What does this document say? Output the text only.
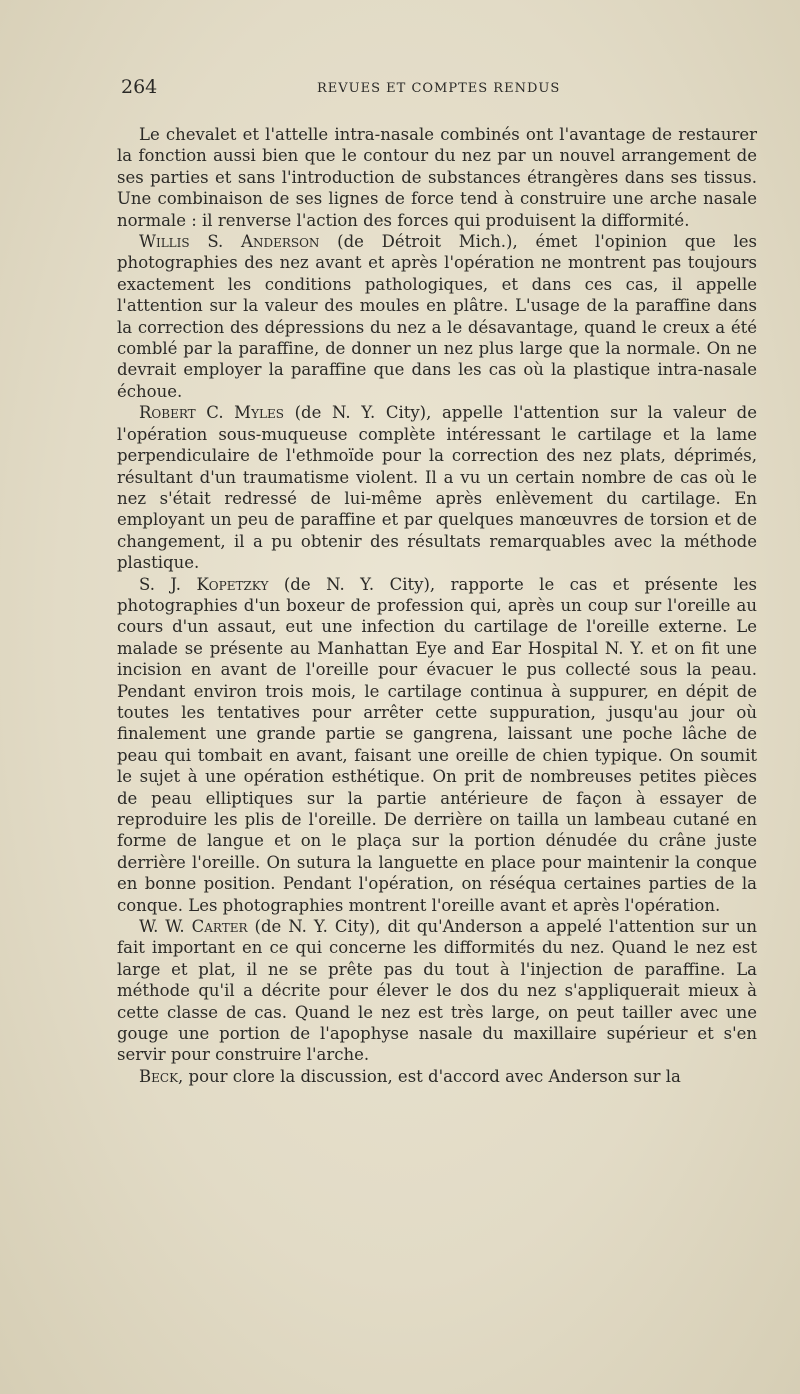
264	REVUES ET COMPTES RENDUS

Le chevalet et l'attelle intra-nasale combinés ont l'avantage de restaurer la fonction aussi bien que le contour du nez par un nouvel arrangement de ses parties et sans l'introduction de substances étrangères dans ses tissus. Une combinaison de ses lignes de force tend à construire une arche nasale normale : il renverse l'action des forces qui produisent la difformité.

Willis S. Anderson (de Détroit Mich.), émet l'opinion que les photographies des nez avant et après l'opération ne montrent pas toujours exactement les conditions pathologiques, et dans ces cas, il appelle l'attention sur la valeur des moules en plâtre. L'usage de la paraffine dans la correction des dépressions du nez a le désavantage, quand le creux a été comblé par la paraffine, de donner un nez plus large que la normale. On ne devrait employer la paraffine que dans les cas où la plastique intra-nasale échoue.

Robert C. Myles (de N. Y. City), appelle l'attention sur la valeur de l'opération sous-muqueuse complète intéressant le cartilage et la lame perpendiculaire de l'ethmoïde pour la correction des nez plats, déprimés, résultant d'un traumatisme violent. Il a vu un certain nombre de cas où le nez s'était redressé de lui-même après enlèvement du cartilage. En employant un peu de paraffine et par quelques manœuvres de torsion et de changement, il a pu obtenir des résultats remarquables avec la méthode plastique.

S. J. Kopetzky (de N. Y. City), rapporte le cas et présente les photographies d'un boxeur de profession qui, après un coup sur l'oreille au cours d'un assaut, eut une infection du cartilage de l'oreille externe. Le malade se présente au Manhattan Eye and Ear Hospital N. Y. et on fit une incision en avant de l'oreille pour évacuer le pus collecté sous la peau. Pendant environ trois mois, le cartilage continua à suppurer, en dépit de toutes les tentatives pour arrêter cette suppuration, jusqu'au jour où finalement une grande partie se gangrena, laissant une poche lâche de peau qui tombait en avant, faisant une oreille de chien typique. On soumit le sujet à une opération esthétique. On prit de nombreuses petites pièces de peau elliptiques sur la partie antérieure de façon à essayer de reproduire les plis de l'oreille. De derrière on tailla un lambeau cutané en forme de langue et on le plaça sur la portion dénudée du crâne juste derrière l'oreille. On sutura la languette en place pour maintenir la conque en bonne position. Pendant l'opération, on réséqua certaines parties de la conque. Les photographies montrent l'oreille avant et après l'opération.

W. W. Carter (de N. Y. City), dit qu'Anderson a appelé l'attention sur un fait important en ce qui concerne les difformités du nez. Quand le nez est large et plat, il ne se prête pas du tout à l'injection de paraffine. La méthode qu'il a décrite pour élever le dos du nez s'appliquerait mieux à cette classe de cas. Quand le nez est très large, on peut tailler avec une gouge une portion de l'apophyse nasale du maxillaire supérieur et s'en servir pour construire l'arche.

Beck, pour clore la discussion, est d'accord avec Anderson sur la
